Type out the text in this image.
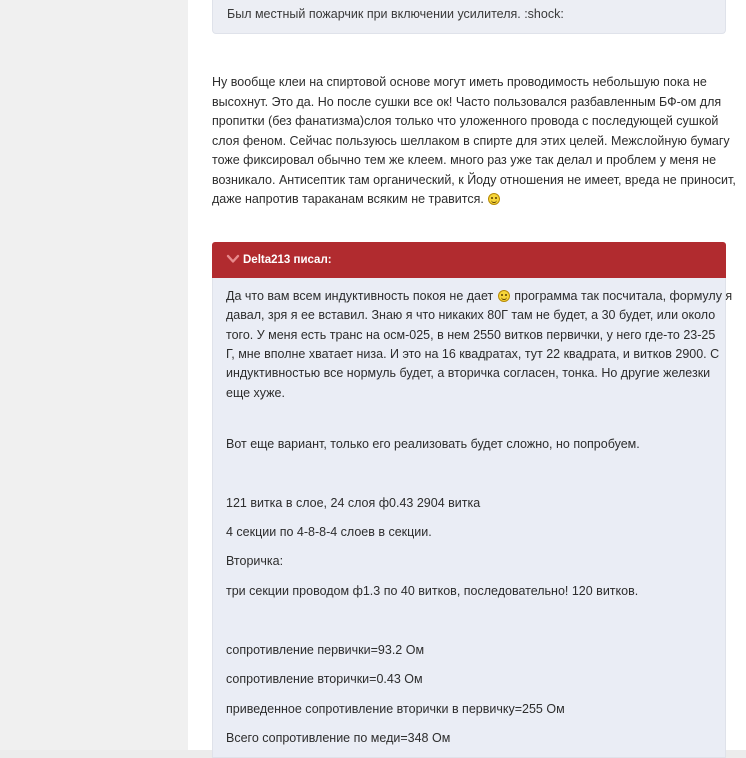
Был местный пожарчик при включении усилителя. :shock:
Ну вообще клеи на спиртовой основе могут иметь проводимость небольшую пока не
высохнут. Это да. Но после сушки все ок! Часто пользовался разбавленным БФ-ом для
пропитки (без фанатизма)слоя только что уложенного провода с последующей сушкой
слоя феном. Сейчас пользуюсь шеллаком в спирте для этих целей. Межслойную бумагу
тоже фиксировал обычно тем же клеем. много раз уже так делал и проблем у меня не
возникало. Антисептик там органический, к Йоду отношения не имеет, вреда не приносит,
даже напротив тараканам всяким не травится.
Delta213 писал:
Да что вам всем индуктивность покоя не дает программа так посчитала, формулу я
давал, зря я ее вставил. Знаю я что никаких 80Г там не будет, а 30 будет, или около
того. У меня есть транс на осм-025, в нем 2550 витков первички, у него где-то 23-25
Г, мне вполне хватает низа. И это на 16 квадратах, тут 22 квадрата, и витков 2900. С
индуктивностью все нормуль будет, а вторичка согласен, тонка. Но другие железки
еще хуже.
Вот еще вариант, только его реализовать будет сложно, но попробуем.
121 витка в слое, 24 слоя ф0.43 2904 витка
4 секции по 4-8-8-4 слоев в секции.
Вторичка:
три секции проводом ф1.3 по 40 витков, последовательно! 120 витков.
сопротивление первички=93.2 Ом
сопротивление вторички=0.43 Ом
приведенное сопротивление вторички в первичку=255 Ом
Всего сопротивление по меди=348 Ом
